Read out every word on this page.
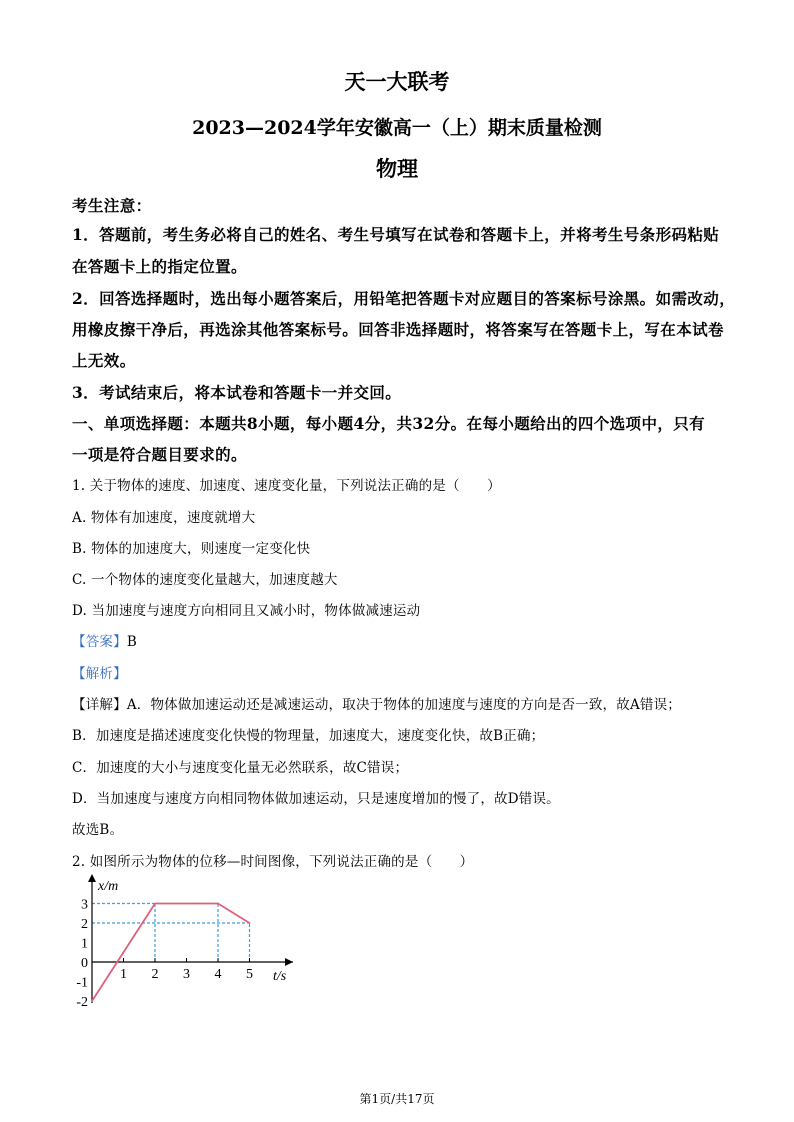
天一大联考
2023—2024学年安徽高一（上）期末质量检测
物理
考生注意：
1．答题前，考生务必将自己的姓名、考生号填写在试卷和答题卡上，并将考生号条形码粘贴
在答题卡上的指定位置。
2．回答选择题时，选出每小题答案后，用铅笔把答题卡对应题目的答案标号涂黑。如需改动，
用橡皮擦干净后，再选涂其他答案标号。回答非选择题时，将答案写在答题卡上，写在本试卷
上无效。
3．考试结束后，将本试卷和答题卡一并交回。
一、单项选择题：本题共8小题，每小题4分，共32分。在每小题给出的四个选项中，只有
一项是符合题目要求的。
1. 关于物体的速度、加速度、速度变化量，下列说法正确的是（　　）
A. 物体有加速度，速度就增大
B. 物体的加速度大，则速度一定变化快
C. 一个物体的速度变化量越大，加速度越大
D. 当加速度与速度方向相同且又减小时，物体做减速运动
【答案】B
【解析】
【详解】A．物体做加速运动还是减速运动，取决于物体的加速度与速度的方向是否一致，故A错误；
B．加速度是描述速度变化快慢的物理量，加速度大，速度变化快，故B正确；
C．加速度的大小与速度变化量无必然联系，故C错误；
D．当加速度与速度方向相同物体做加速运动，只是速度增加的慢了，故D错误。
故选B。
2. 如图所示为物体的位移—时间图像，下列说法正确的是（　　）
1 2 3 4 5
3
2
1
0
-1
-2
x/m
t/s
第1页/共17页
